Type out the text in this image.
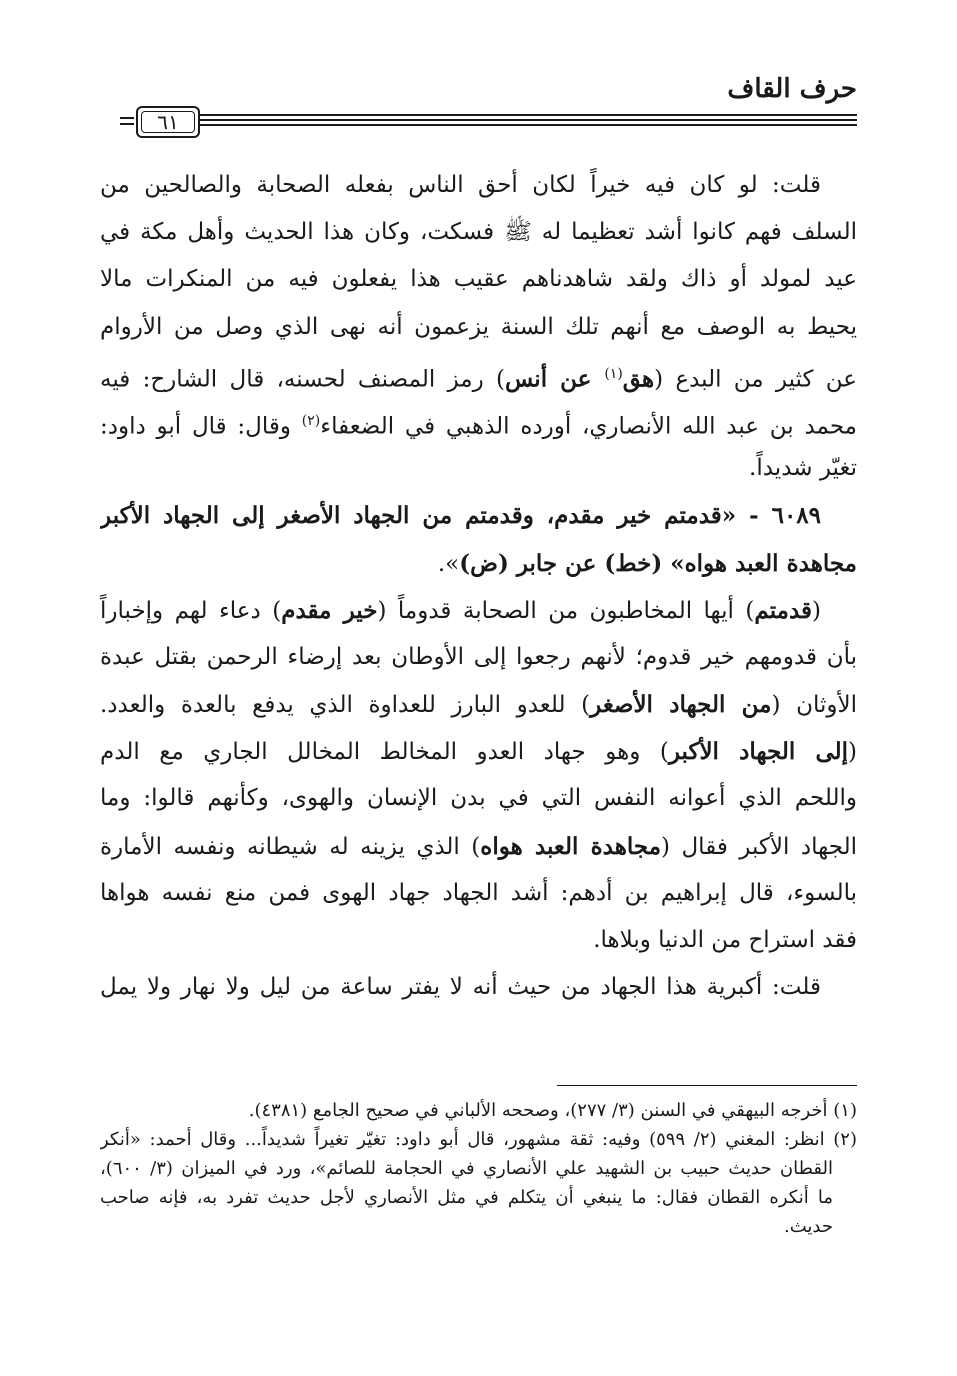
حرف القاف
٦١
قلت: لو كان فيه خيراً لكان أحق الناس بفعله الصحابة والصالحين من
السلف فهم كانوا أشد تعظيما له ﷺ فسكت، وكان هذا الحديث وأهل مكة في
عيد لمولد أو ذاك ولقد شاهدناهم عقيب هذا يفعلون فيه من المنكرات مالا
يحيط به الوصف مع أنهم تلك السنة يزعمون أنه نهى الذي وصل من الأروام
عن كثير من البدع (هق$^{(١)}$ عن أنس) رمز المصنف لحسنه، قال الشارح: فيه
محمد بن عبد الله الأنصاري، أورده الذهبي في الضعفاء$^{(٢)}$ وقال: قال أبو داود:
تغيّر شديداً.
٦٠٨٩ - «قدمتم خير مقدم، وقدمتم من الجهاد الأصغر إلى الجهاد الأكبر
مجاهدة العبد هواه» (خط) عن جابر (ض)».
(قدمتم) أيها المخاطبون من الصحابة قدوماً (خير مقدم) دعاء لهم وإخباراً
بأن قدومهم خير قدوم؛ لأنهم رجعوا إلى الأوطان بعد إرضاء الرحمن بقتل عبدة
الأوثان (من الجهاد الأصغر) للعدو البارز للعداوة الذي يدفع بالعدة والعدد.
(إلى الجهاد الأكبر) وهو جهاد العدو المخالط المخالل الجاري مع الدم
واللحم الذي أعوانه النفس التي في بدن الإنسان والهوى، وكأنهم قالوا: وما
الجهاد الأكبر فقال (مجاهدة العبد هواه) الذي يزينه له شيطانه ونفسه الأمارة
بالسوء، قال إبراهيم بن أدهم: أشد الجهاد جهاد الهوى فمن منع نفسه هواها
فقد استراح من الدنيا وبلاها.
قلت: أكبرية هذا الجهاد من حيث أنه لا يفتر ساعة من ليل ولا نهار ولا يمل
(١) أخرجه البيهقي في السنن (٣/ ٢٧٧)، وصححه الألباني في صحيح الجامع (٤٣٨١).
(٢) انظر: المغني (٢/ ٥٩٩) وفيه: ثقة مشهور، قال أبو داود: تغيّر تغيراً شديداً... وقال أحمد: «أنكر
القطان حديث حبيب بن الشهيد علي الأنصاري في الحجامة للصائم»، ورد في الميزان (٣/ ٦٠٠)،
ما أنكره القطان فقال: ما ينبغي أن يتكلم في مثل الأنصاري لأجل حديث تفرد به، فإنه صاحب
حديث.
